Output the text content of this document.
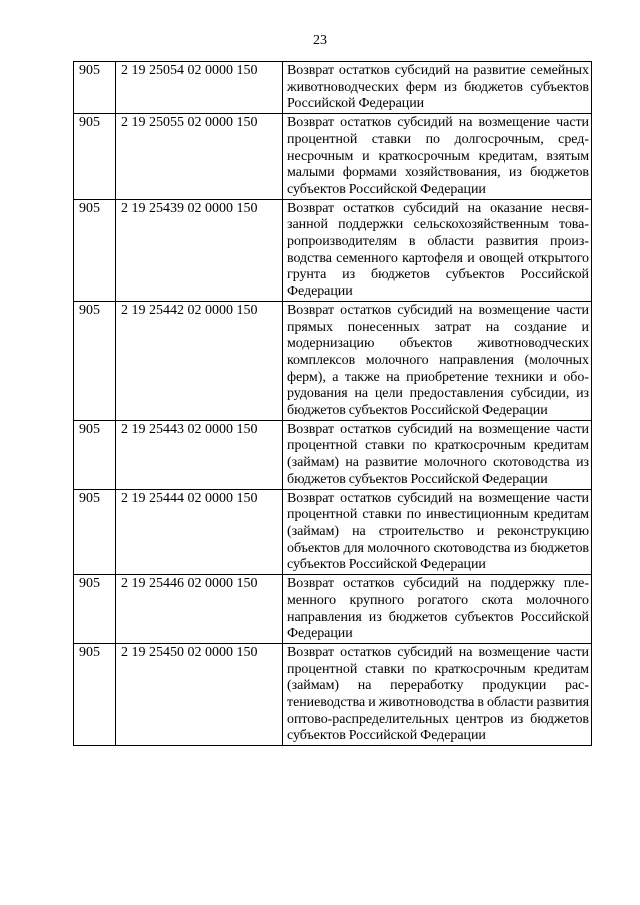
23
905	2 19 25054 02 0000 150	Возврат остатков субсидий на развитие семейных животноводческих ферм из бюджетов субъектов Российской Федерации
905	2 19 25055 02 0000 150	Возврат остатков субсидий на возмещение части процентной ставки по долгосрочным, среднесрочным и краткосрочным кредитам, взятым малыми формами хозяйствования, из бюджетов субъектов Российской Федерации
905	2 19 25439 02 0000 150	Возврат остатков субсидий на оказание несвязанной поддержки сельскохозяйственным товаропроизводителям в области развития производства семенного картофеля и овощей открытого грунта из бюджетов субъектов Российской Федерации
905	2 19 25442 02 0000 150	Возврат остатков субсидий на возмещение части прямых понесенных затрат на создание и модернизацию объектов животноводческих комплексов молочного направления (молочных ферм), а также на приобретение техники и оборудования на цели предоставления субсидии, из бюджетов субъектов Российской Федерации
905	2 19 25443 02 0000 150	Возврат остатков субсидий на возмещение части процентной ставки по краткосрочным кредитам (займам) на развитие молочного скотоводства из бюджетов субъектов Российской Федерации
905	2 19 25444 02 0000 150	Возврат остатков субсидий на возмещение части процентной ставки по инвестиционным кредитам (займам) на строительство и реконструкцию объектов для молочного скотоводства из бюджетов субъектов Российской Федерации
905	2 19 25446 02 0000 150	Возврат остатков субсидий на поддержку племенного крупного рогатого скота молочного направления из бюджетов субъектов Российской Федерации
905	2 19 25450 02 0000 150	Возврат остатков субсидий на возмещение части процентной ставки по краткосрочным кредитам (займам) на переработку продукции растениеводства и животноводства в области развития оптово-распределительных центров из бюджетов субъектов Российской Федерации
